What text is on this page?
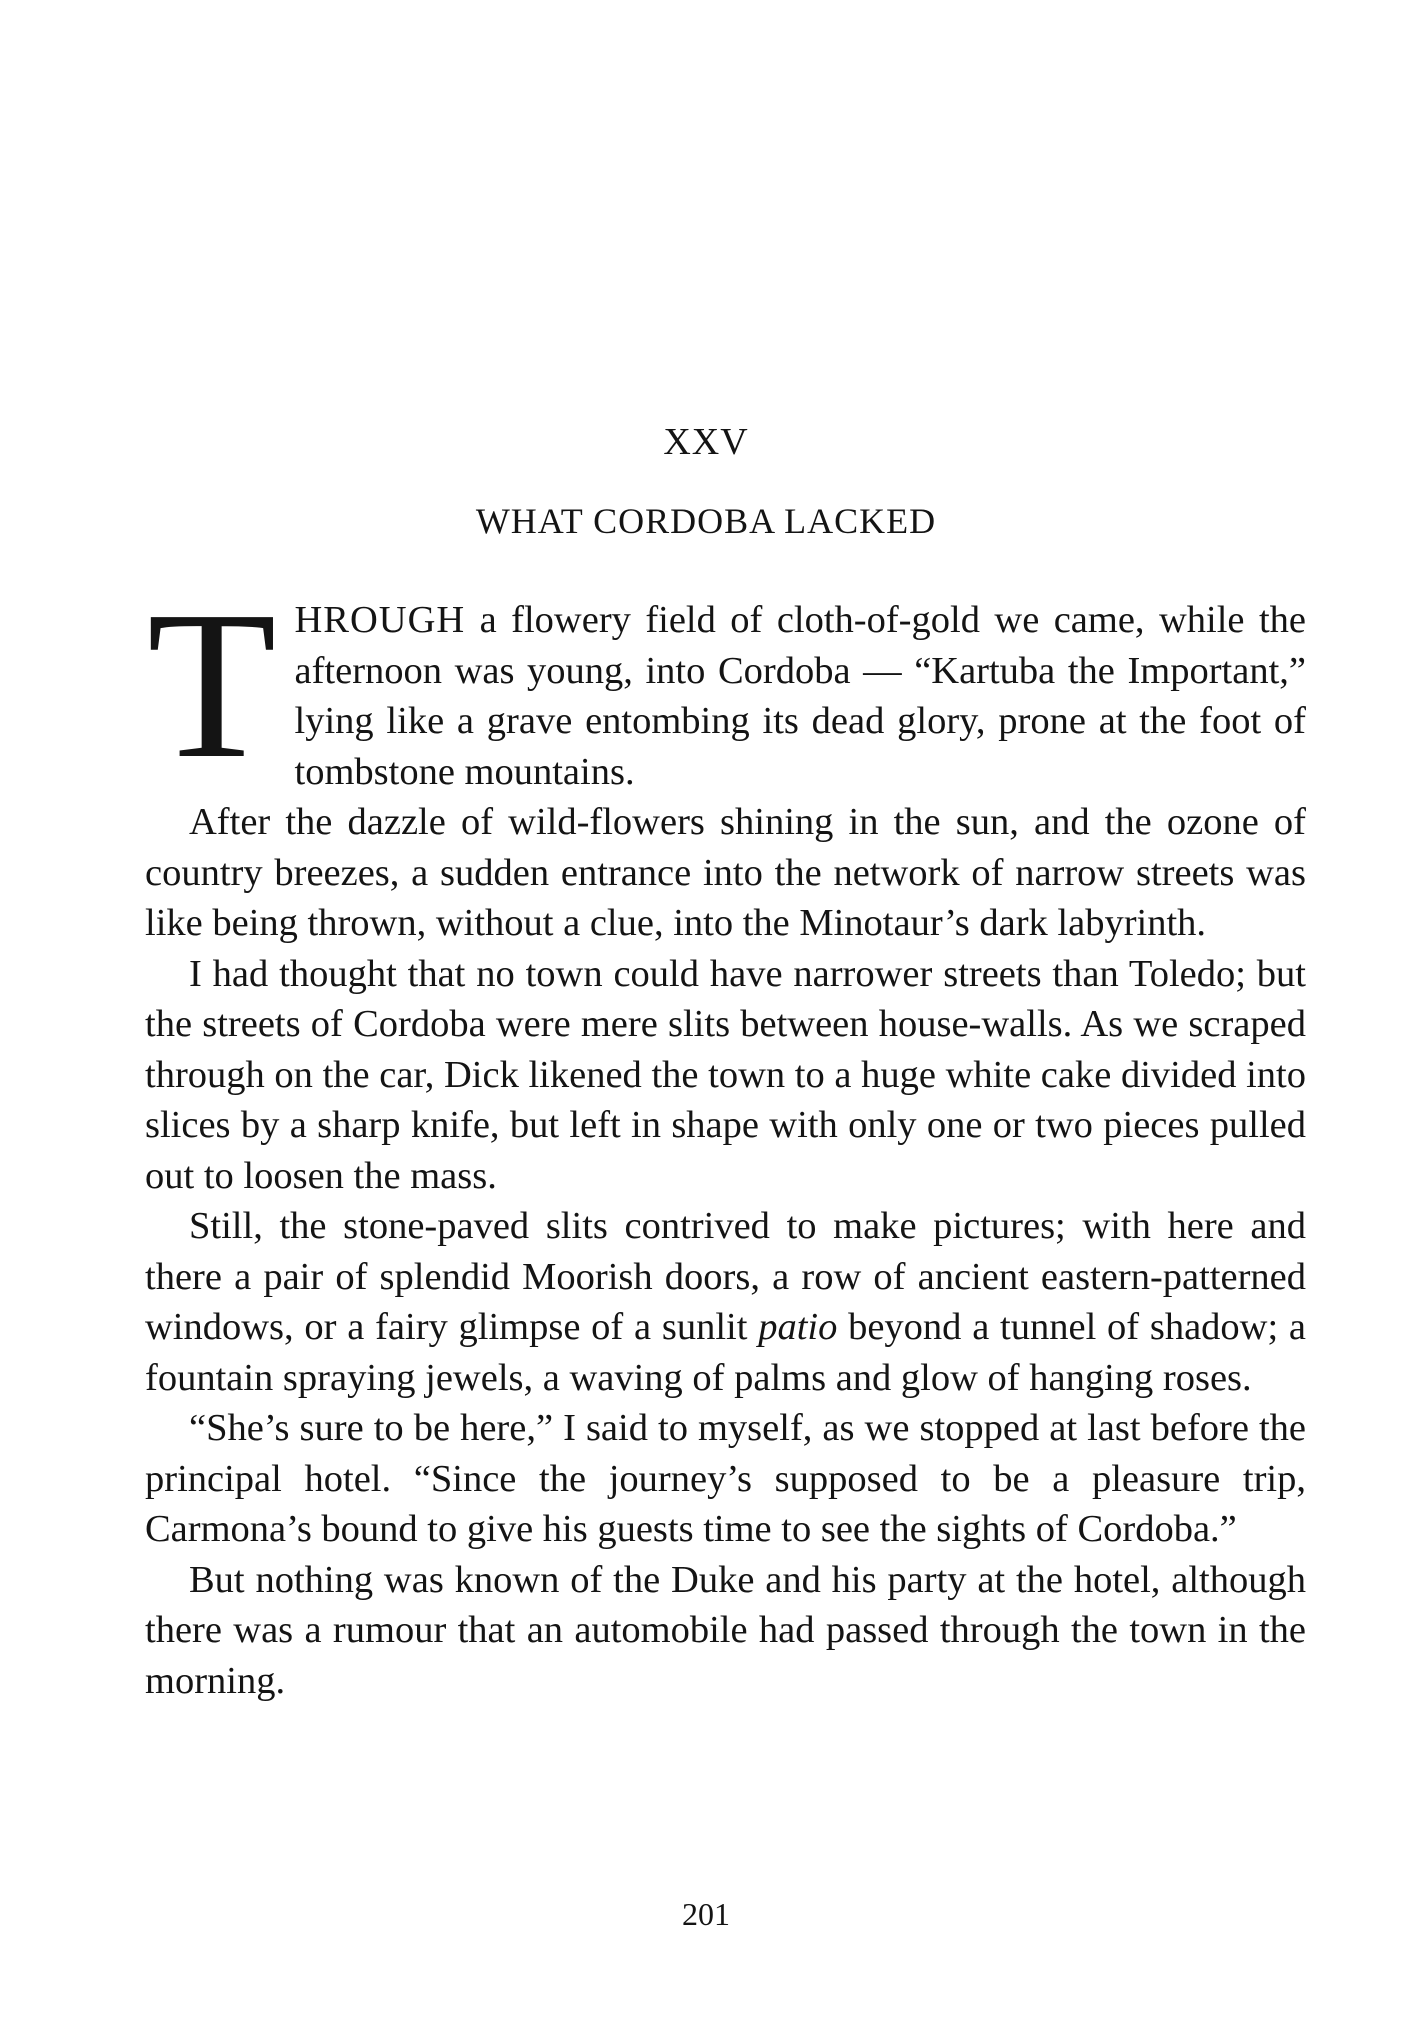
XXV
WHAT CORDOBA LACKED

THROUGH a flowery field of cloth-of-gold we came, while the afternoon was young, into Cordoba — “Kartuba the Important,” lying like a grave entombing its dead glory, prone at the foot of tombstone mountains.

After the dazzle of wild-flowers shining in the sun, and the ozone of country breezes, a sudden entrance into the network of narrow streets was like being thrown, without a clue, into the Minotaur’s dark labyrinth.

I had thought that no town could have narrower streets than Toledo; but the streets of Cordoba were mere slits between house-walls. As we scraped through on the car, Dick likened the town to a huge white cake divided into slices by a sharp knife, but left in shape with only one or two pieces pulled out to loosen the mass.

Still, the stone-paved slits contrived to make pictures; with here and there a pair of splendid Moorish doors, a row of ancient eastern-patterned windows, or a fairy glimpse of a sunlit patio beyond a tunnel of shadow; a fountain spraying jewels, a waving of palms and glow of hanging roses.

“She’s sure to be here,” I said to myself, as we stopped at last before the principal hotel. “Since the journey’s supposed to be a pleasure trip, Carmona’s bound to give his guests time to see the sights of Cordoba.”

But nothing was known of the Duke and his party at the hotel, although there was a rumour that an automobile had passed through the town in the morning.

201
